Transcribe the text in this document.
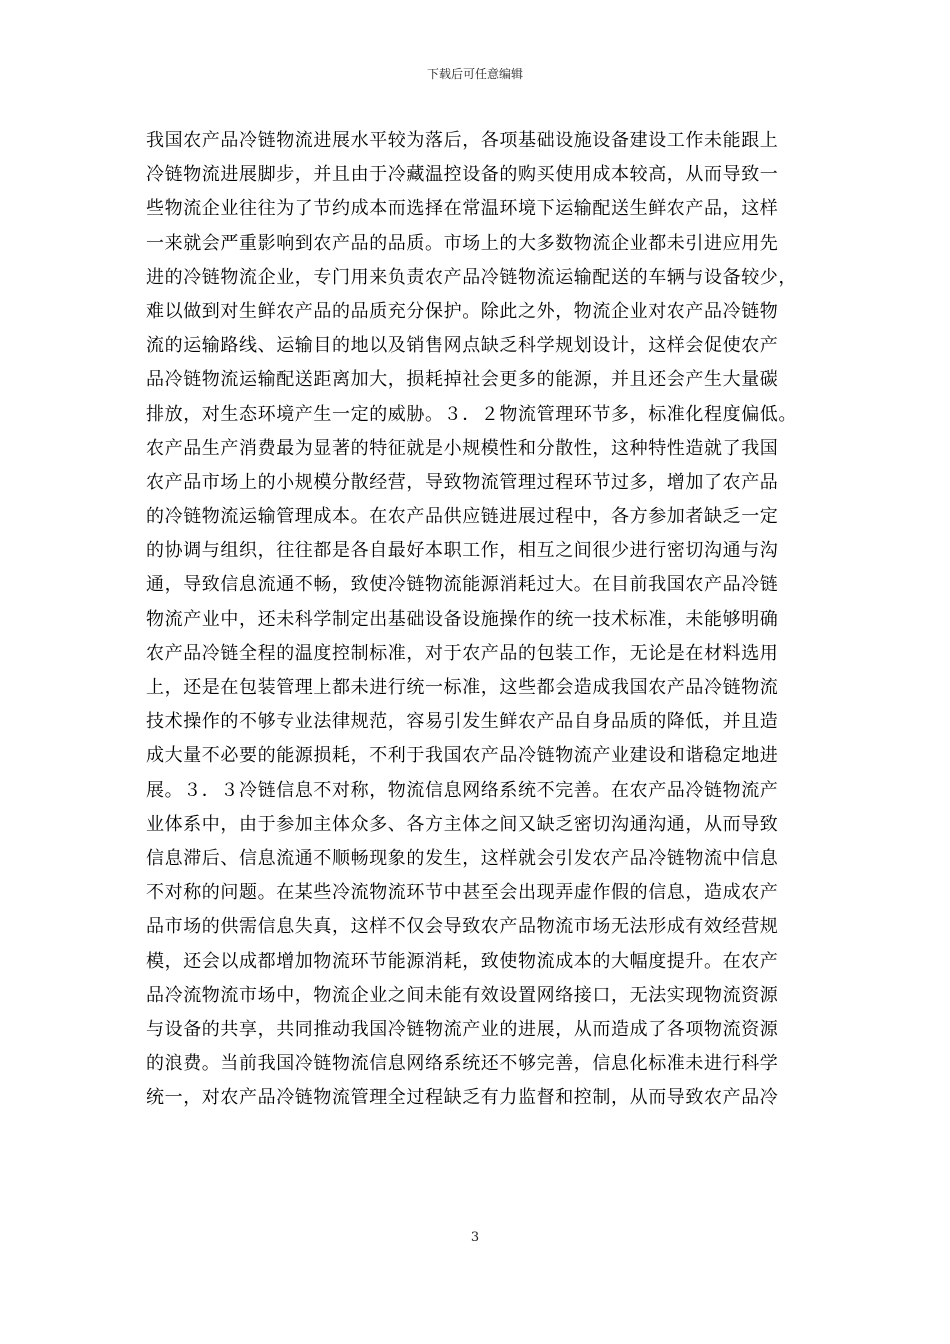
下载后可任意编辑
我国农产品冷链物流进展水平较为落后，各项基础设施设备建设工作未能跟上
冷链物流进展脚步，并且由于冷藏温控设备的购买使用成本较高，从而导致一
些物流企业往往为了节约成本而选择在常温环境下运输配送生鲜农产品，这样
一来就会严重影响到农产品的品质。市场上的大多数物流企业都未引进应用先
进的冷链物流企业，专门用来负责农产品冷链物流运输配送的车辆与设备较少，
难以做到对生鲜农产品的品质充分保护。除此之外，物流企业对农产品冷链物
流的运输路线、运输目的地以及销售网点缺乏科学规划设计，这样会促使农产
品冷链物流运输配送距离加大，损耗掉社会更多的能源，并且还会产生大量碳
排放，对生态环境产生一定的威胁。３．２物流管理环节多，标准化程度偏低。
农产品生产消费最为显著的特征就是小规模性和分散性，这种特性造就了我国
农产品市场上的小规模分散经营，导致物流管理过程环节过多，增加了农产品
的冷链物流运输管理成本。在农产品供应链进展过程中，各方参加者缺乏一定
的协调与组织，往往都是各自最好本职工作，相互之间很少进行密切沟通与沟
通，导致信息流通不畅，致使冷链物流能源消耗过大。在目前我国农产品冷链
物流产业中，还未科学制定出基础设备设施操作的统一技术标准，未能够明确
农产品冷链全程的温度控制标准，对于农产品的包装工作，无论是在材料选用
上，还是在包装管理上都未进行统一标准，这些都会造成我国农产品冷链物流
技术操作的不够专业法律规范，容易引发生鲜农产品自身品质的降低，并且造
成大量不必要的能源损耗，不利于我国农产品冷链物流产业建设和谐稳定地进
展。３．３冷链信息不对称，物流信息网络系统不完善。在农产品冷链物流产
业体系中，由于参加主体众多、各方主体之间又缺乏密切沟通沟通，从而导致
信息滞后、信息流通不顺畅现象的发生，这样就会引发农产品冷链物流中信息
不对称的问题。在某些冷流物流环节中甚至会出现弄虚作假的信息，造成农产
品市场的供需信息失真，这样不仅会导致农产品物流市场无法形成有效经营规
模，还会以成都增加物流环节能源消耗，致使物流成本的大幅度提升。在农产
品冷流物流市场中，物流企业之间未能有效设置网络接口，无法实现物流资源
与设备的共享，共同推动我国冷链物流产业的进展，从而造成了各项物流资源
的浪费。当前我国冷链物流信息网络系统还不够完善，信息化标准未进行科学
统一，对农产品冷链物流管理全过程缺乏有力监督和控制，从而导致农产品冷
3
